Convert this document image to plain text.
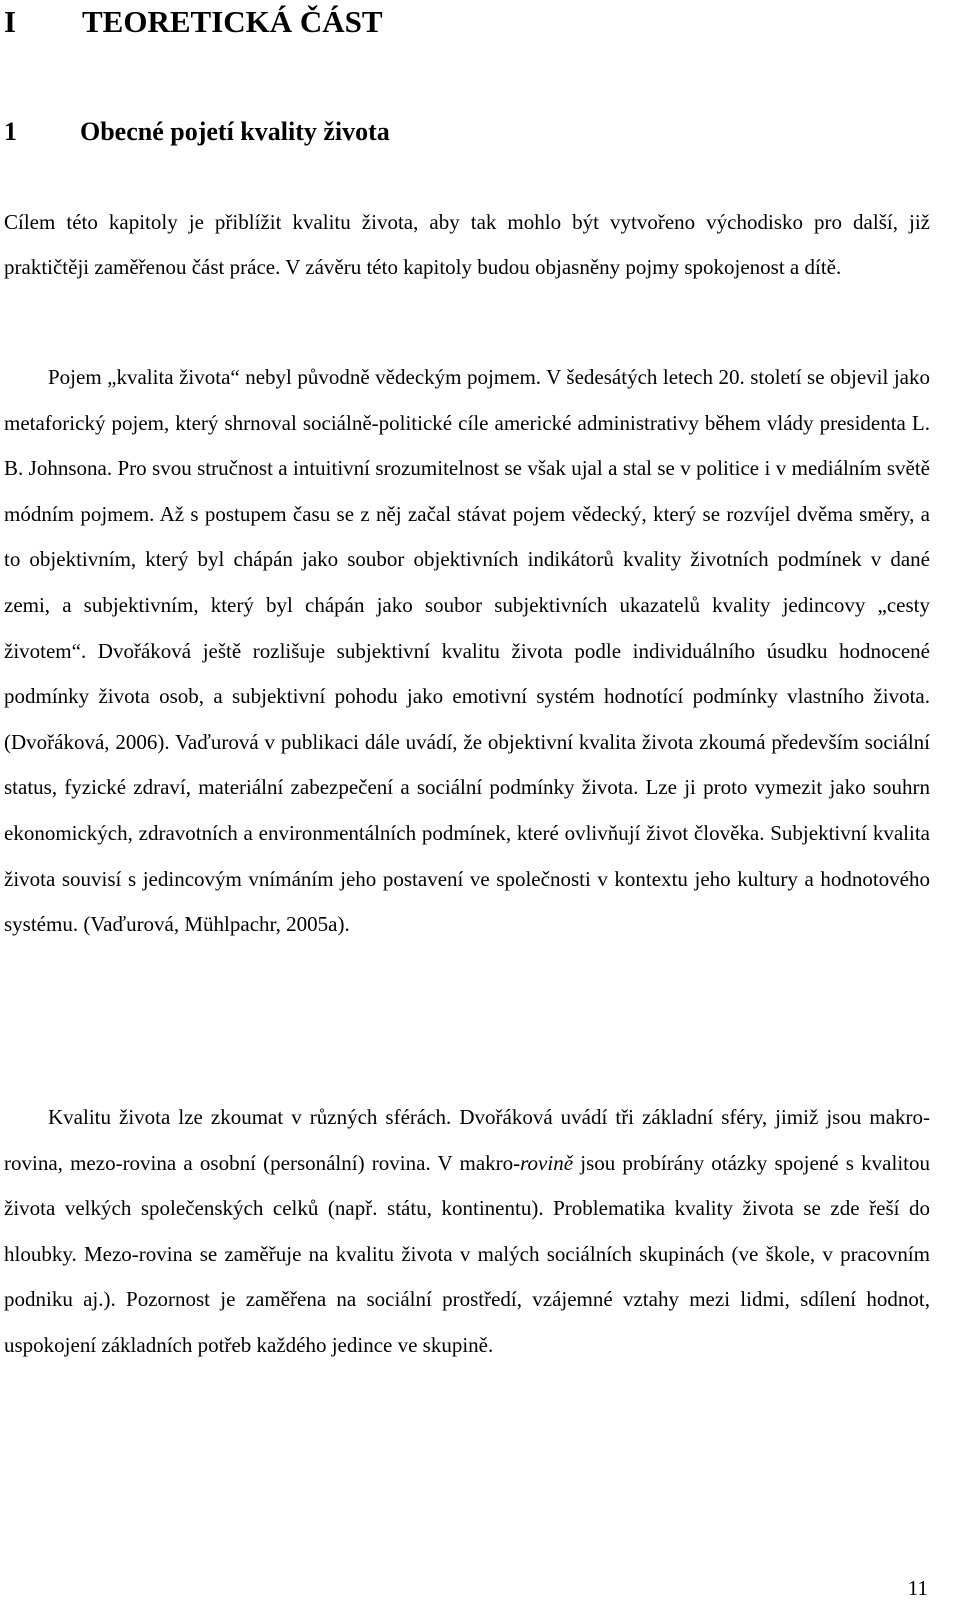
I TEORETICKÁ ČÁST
1 Obecné pojetí kvality života

Cílem této kapitoly je přiblížit kvalitu života, aby tak mohlo být vytvořeno východisko pro další, již praktičtěji zaměřenou část práce. V závěru této kapitoly budou objasněny pojmy spokojenost a dítě.

Pojem „kvalita života“ nebyl původně vědeckým pojmem. V šedesátých letech 20. století se objevil jako metaforický pojem, který shrnoval sociálně-politické cíle americké administrativy během vlády presidenta L. B. Johnsona. Pro svou stručnost a intuitivní srozumitelnost se však ujal a stal se v politice i v mediálním světě módním pojmem. Až s postupem času se z něj začal stávat pojem vědecký, který se rozvíjel dvěma směry, a to objektivním, který byl chápán jako soubor objektivních indikátorů kvality životních podmínek v dané zemi, a subjektivním, který byl chápán jako soubor subjektivních ukazatelů kvality jedincovy „cesty životem“. Dvořáková ještě rozlišuje subjektivní kvalitu života podle individuálního úsudku hodnocené podmínky života osob, a subjektivní pohodu jako emotivní systém hodnotící podmínky vlastního života. (Dvořáková, 2006). Vaďurová v publikaci dále uvádí, že objektivní kvalita života zkoumá především sociální status, fyzické zdraví, materiální zabezpečení a sociální podmínky života. Lze ji proto vymezit jako souhrn ekonomických, zdravotních a environmentálních podmínek, které ovlivňují život člověka. Subjektivní kvalita života souvisí s jedincovým vnímáním jeho postavení ve společnosti v kontextu jeho kultury a hodnotového systému. (Vaďurová, Mühlpachr, 2005a).

Kvalitu života lze zkoumat v různých sférách. Dvořáková uvádí tři základní sféry, jimiž jsou makro-rovina, mezo-rovina a osobní (personální) rovina. V makro-rovině jsou probírány otázky spojené s kvalitou života velkých společenských celků (např. státu, kontinentu). Problematika kvality života se zde řeší do hloubky. Mezo-rovina se zaměřuje na kvalitu života v malých sociálních skupinách (ve škole, v pracovním podniku aj.). Pozornost je zaměřena na sociální prostředí, vzájemné vztahy mezi lidmi, sdílení hodnot, uspokojení základních potřeb každého jedince ve skupině.

11
